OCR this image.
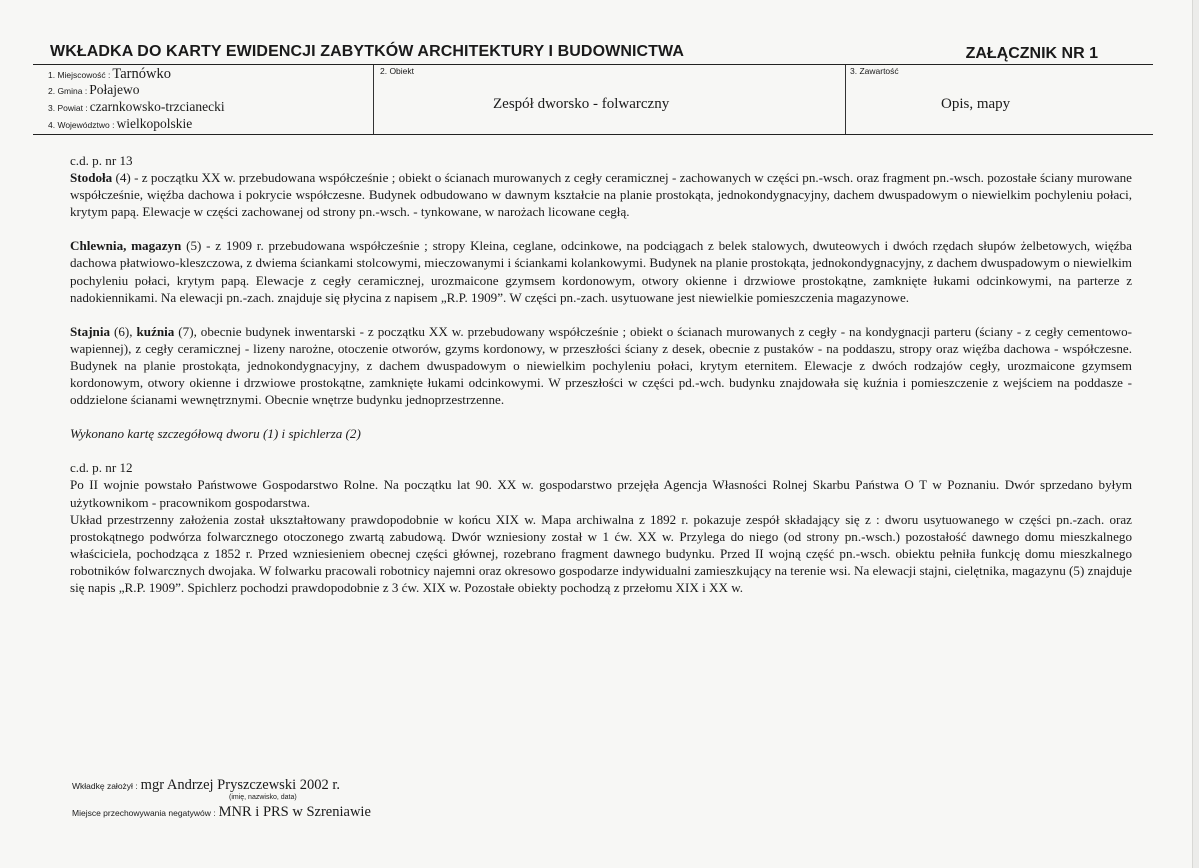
WKŁADKA DO KARTY EWIDENCJI ZABYTKÓW ARCHITEKTURY I BUDOWNICTWA	ZAŁĄCZNIK NR 1
1. Miejscowość : Tarnówko
2. Gmina : Połajewo
3. Powiat : czarnkowsko-trzcianecki
4. Województwo : wielkopolskie
2. Obiekt
Zespół dworsko - folwarczny
3. Zawartość
Opis, mapy

c.d. p. nr 13

Stodoła (4) - z początku XX w. przebudowana współcześnie ; obiekt o ścianach murowanych z cegły ceramicznej - zachowanych w części pn.-wsch. oraz fragment pn.-wsch. pozostałe ściany murowane współcześnie, więźba dachowa i pokrycie współczesne. Budynek odbudowano w dawnym kształcie na planie prostokąta, jednokondygnacyjny, dachem dwuspadowym o niewielkim pochyleniu połaci, krytym papą. Elewacje w części zachowanej od strony pn.-wsch. - tynkowane, w narożach licowane cegłą.

Chlewnia, magazyn (5) - z 1909 r. przebudowana współcześnie ; stropy Kleina, ceglane, odcinkowe, na podciągach z belek stalowych, dwuteowych i dwóch rzędach słupów żelbetowych, więźba dachowa płatwiowo-kleszczowa, z dwiema ściankami stolcowymi, mieczowanymi i ściankami kolankowymi. Budynek na planie prostokąta, jednokondygnacyjny, z dachem dwuspadowym o niewielkim pochyleniu połaci, krytym papą. Elewacje z cegły ceramicznej, urozmaicone gzymsem kordonowym, otwory okienne i drzwiowe prostokątne, zamknięte łukami odcinkowymi, na parterze z nadokiennikami. Na elewacji pn.-zach. znajduje się płycina z napisem „R.P. 1909”. W części pn.-zach. usytuowane jest niewielkie pomieszczenia magazynowe.

Stajnia (6), kuźnia (7), obecnie budynek inwentarski - z początku XX w. przebudowany współcześnie ; obiekt o ścianach murowanych z cegły - na kondygnacji parteru (ściany - z cegły cementowo-wapiennej), z cegły ceramicznej - lizeny narożne, otoczenie otworów, gzyms kordonowy, w przeszłości ściany z desek, obecnie z pustaków - na poddaszu, stropy oraz więźba dachowa - współczesne. Budynek na planie prostokąta, jednokondygnacyjny, z dachem dwuspadowym o niewielkim pochyleniu połaci, krytym eternitem. Elewacje z dwóch rodzajów cegły, urozmaicone gzymsem kordonowym, otwory okienne i drzwiowe prostokątne, zamknięte łukami odcinkowymi. W przeszłości w części pd.-wch. budynku znajdowała się kuźnia i pomieszczenie z wejściem na poddasze - oddzielone ścianami wewnętrznymi. Obecnie wnętrze budynku jednoprzestrzenne.

Wykonano kartę szczegółową dworu (1) i spichlerza (2)

c.d. p. nr 12

Po II wojnie powstało Państwowe Gospodarstwo Rolne. Na początku lat 90. XX w. gospodarstwo przejęła Agencja Własności Rolnej Skarbu Państwa O T w Poznaniu. Dwór sprzedano byłym użytkownikom - pracownikom gospodarstwa.

Układ przestrzenny założenia został ukształtowany prawdopodobnie w końcu XIX w. Mapa archiwalna z 1892 r. pokazuje zespół składający się z : dworu usytuowanego w części pn.-zach. oraz prostokątnego podwórza folwarcznego otoczonego zwartą zabudową. Dwór wzniesiony został w 1 ćw. XX w. Przylega do niego (od strony pn.-wsch.) pozostałość dawnego domu mieszkalnego właściciela, pochodząca z 1852 r. Przed wzniesieniem obecnej części głównej, rozebrano fragment dawnego budynku. Przed II wojną część pn.-wsch. obiektu pełniła funkcję domu mieszkalnego robotników folwarcznych dwojaka. W folwarku pracowali robotnicy najemni oraz okresowo gospodarze indywidualni zamieszkujący na terenie wsi. Na elewacji stajni, cielętnika, magazynu (5) znajduje się napis „R.P. 1909”. Spichlerz pochodzi prawdopodobnie z 3 ćw. XIX w. Pozostałe obiekty pochodzą z przełomu XIX i XX w.

Wkładkę założył : mgr Andrzej Pryszczewski 2002 r.
(imię, nazwisko, data)
Miejsce przechowywania negatywów : MNR i PRS w Szreniawie
